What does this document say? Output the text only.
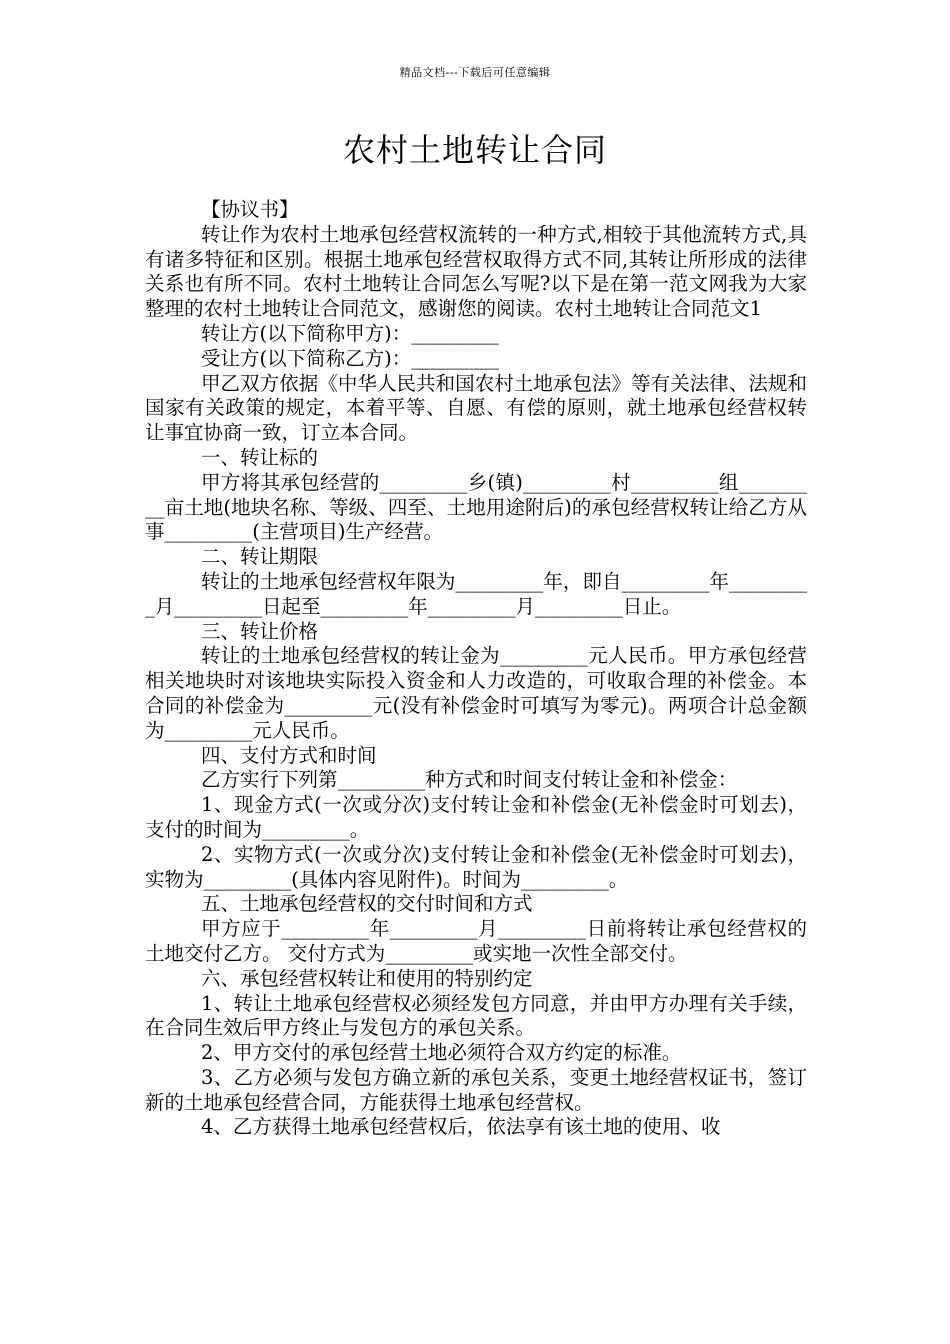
精品文档---下载后可任意编辑
农村土地转让合同

【协议书】

转让作为农村土地承包经营权流转的一种方式,相较于其他流转方式,具有诸多特征和区别。根据土地承包经营权取得方式不同,其转让所形成的法律关系也有所不同。农村土地转让合同怎么写呢?以下是在第一范文网我为大家整理的农村土地转让合同范文，感谢您的阅读。农村土地转让合同范文1

转让方(以下简称甲方)：_________

受让方(以下简称乙方)：_________

甲乙双方依据《中华人民共和国农村土地承包法》等有关法律、法规和国家有关政策的规定，本着平等、自愿、有偿的原则，就土地承包经营权转让事宜协商一致，订立本合同。

一、转让标的

甲方将其承包经营的_________乡(镇)_________村_________组_________亩土地(地块名称、等级、四至、土地用途附后)的承包经营权转让给乙方从事_________(主营项目)生产经营。

二、转让期限

转让的土地承包经营权年限为_________年，即自_________年_________月_________日起至_________年_________月_________日止。

三、转让价格

转让的土地承包经营权的转让金为_________元人民币。甲方承包经营相关地块时对该地块实际投入资金和人力改造的，可收取合理的补偿金。本合同的补偿金为_________元(没有补偿金时可填写为零元)。两项合计总金额为_________元人民币。

四、支付方式和时间

乙方实行下列第_________种方式和时间支付转让金和补偿金：

1、现金方式(一次或分次)支付转让金和补偿金(无补偿金时可划去)，支付的时间为_________。

2、实物方式(一次或分次)支付转让金和补偿金(无补偿金时可划去)，实物为_________(具体内容见附件)。时间为_________。

五、土地承包经营权的交付时间和方式

甲方应于_________年_________月_________日前将转让承包经营权的土地交付乙方。 交付方式为_________或实地一次性全部交付。

六、承包经营权转让和使用的特别约定

1、转让土地承包经营权必须经发包方同意，并由甲方办理有关手续，在合同生效后甲方终止与发包方的承包关系。

2、甲方交付的承包经营土地必须符合双方约定的标准。

3、乙方必须与发包方确立新的承包关系，变更土地经营权证书，签订新的土地承包经营合同，方能获得土地承包经营权。

4、乙方获得土地承包经营权后，依法享有该土地的使用、收
